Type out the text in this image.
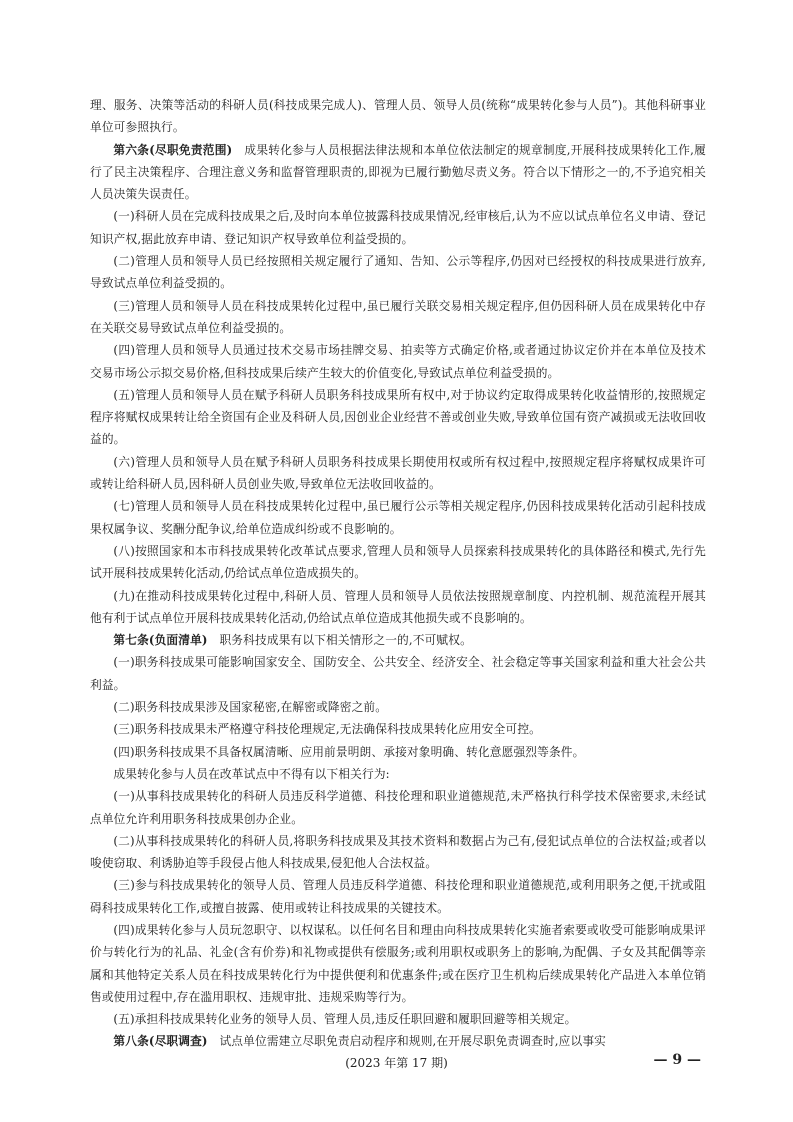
理、服务、决策等活动的科研人员(科技成果完成人)、管理人员、领导人员(统称“成果转化参与人员”)。其他科研事业单位可参照执行。

第六条(尽职免责范围)　成果转化参与人员根据法律法规和本单位依法制定的规章制度,开展科技成果转化工作,履行了民主决策程序、合理注意义务和监督管理职责的,即视为已履行勤勉尽责义务。符合以下情形之一的,不予追究相关人员决策失误责任。

(一)科研人员在完成科技成果之后,及时向本单位披露科技成果情况,经审核后,认为不应以试点单位名义申请、登记知识产权,据此放弃申请、登记知识产权导致单位利益受损的。

(二)管理人员和领导人员已经按照相关规定履行了通知、告知、公示等程序,仍因对已经授权的科技成果进行放弃,导致试点单位利益受损的。

(三)管理人员和领导人员在科技成果转化过程中,虽已履行关联交易相关规定程序,但仍因科研人员在成果转化中存在关联交易导致试点单位利益受损的。

(四)管理人员和领导人员通过技术交易市场挂牌交易、拍卖等方式确定价格,或者通过协议定价并在本单位及技术交易市场公示拟交易价格,但科技成果后续产生较大的价值变化,导致试点单位利益受损的。

(五)管理人员和领导人员在赋予科研人员职务科技成果所有权中,对于协议约定取得成果转化收益情形的,按照规定程序将赋权成果转让给全资国有企业及科研人员,因创业企业经营不善或创业失败,导致单位国有资产减损或无法收回收益的。

(六)管理人员和领导人员在赋予科研人员职务科技成果长期使用权或所有权过程中,按照规定程序将赋权成果许可或转让给科研人员,因科研人员创业失败,导致单位无法收回收益的。

(七)管理人员和领导人员在科技成果转化过程中,虽已履行公示等相关规定程序,仍因科技成果转化活动引起科技成果权属争议、奖酬分配争议,给单位造成纠纷或不良影响的。

(八)按照国家和本市科技成果转化改革试点要求,管理人员和领导人员探索科技成果转化的具体路径和模式,先行先试开展科技成果转化活动,仍给试点单位造成损失的。

(九)在推动科技成果转化过程中,科研人员、管理人员和领导人员依法按照规章制度、内控机制、规范流程开展其他有利于试点单位开展科技成果转化活动,仍给试点单位造成其他损失或不良影响的。

第七条(负面清单)　职务科技成果有以下相关情形之一的,不可赋权。

(一)职务科技成果可能影响国家安全、国防安全、公共安全、经济安全、社会稳定等事关国家利益和重大社会公共利益。

(二)职务科技成果涉及国家秘密,在解密或降密之前。

(三)职务科技成果未严格遵守科技伦理规定,无法确保科技成果转化应用安全可控。

(四)职务科技成果不具备权属清晰、应用前景明朗、承接对象明确、转化意愿强烈等条件。

成果转化参与人员在改革试点中不得有以下相关行为:

(一)从事科技成果转化的科研人员违反科学道德、科技伦理和职业道德规范,未严格执行科学技术保密要求,未经试点单位允许利用职务科技成果创办企业。

(二)从事科技成果转化的科研人员,将职务科技成果及其技术资料和数据占为己有,侵犯试点单位的合法权益;或者以唆使窃取、利诱胁迫等手段侵占他人科技成果,侵犯他人合法权益。

(三)参与科技成果转化的领导人员、管理人员违反科学道德、科技伦理和职业道德规范,或利用职务之便,干扰或阻碍科技成果转化工作,或擅自披露、使用或转让科技成果的关键技术。

(四)成果转化参与人员玩忽职守、以权谋私。以任何名目和理由向科技成果转化实施者索要或收受可能影响成果评价与转化行为的礼品、礼金(含有价券)和礼物或提供有偿服务;或利用职权或职务上的影响,为配偶、子女及其配偶等亲属和其他特定关系人员在科技成果转化行为中提供便利和优惠条件;或在医疗卫生机构后续成果转化产品进入本单位销售或使用过程中,存在滥用职权、违规审批、违规采购等行为。

(五)承担科技成果转化业务的领导人员、管理人员,违反任职回避和履职回避等相关规定。

第八条(尽职调查)　试点单位需建立尽职免责启动程序和规则,在开展尽职免责调查时,应以事实

(2023 年第 17 期)	— 9 —
